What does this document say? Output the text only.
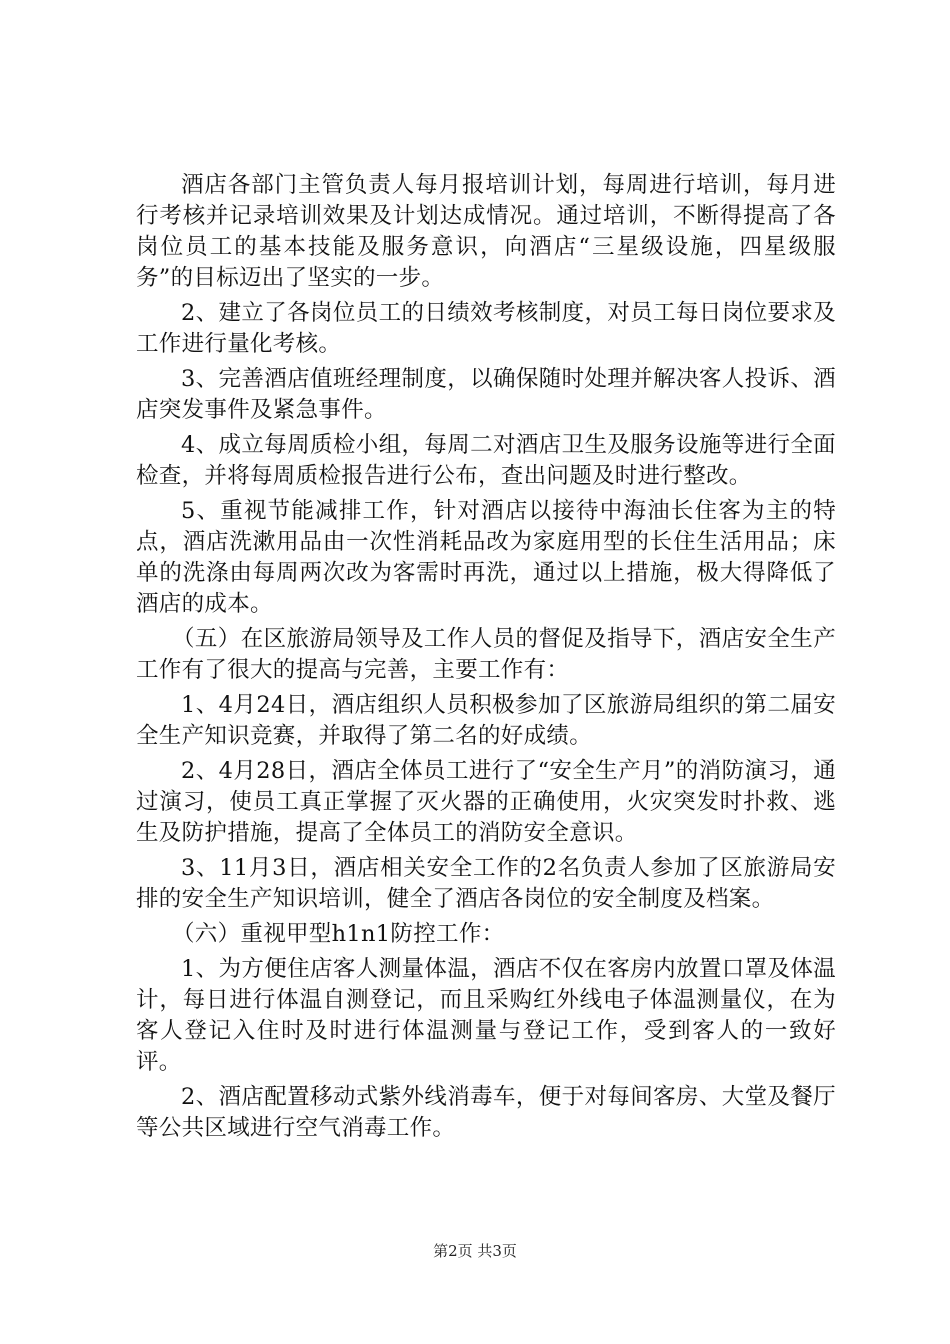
酒店各部门主管负责人每月报培训计划，每周进行培训，每月进行考核并记录培训效果及计划达成情况。通过培训，不断得提高了各岗位员工的基本技能及服务意识，向酒店“三星级设施，四星级服务”的目标迈出了坚实的一步。

2、建立了各岗位员工的日绩效考核制度，对员工每日岗位要求及工作进行量化考核。

3、完善酒店值班经理制度，以确保随时处理并解决客人投诉、酒店突发事件及紧急事件。

4、成立每周质检小组，每周二对酒店卫生及服务设施等进行全面检查，并将每周质检报告进行公布，查出问题及时进行整改。

5、重视节能减排工作，针对酒店以接待中海油长住客为主的特点，酒店洗漱用品由一次性消耗品改为家庭用型的长住生活用品；床单的洗涤由每周两次改为客需时再洗，通过以上措施，极大得降低了酒店的成本。

（五）在区旅游局领导及工作人员的督促及指导下，酒店安全生产工作有了很大的提高与完善，主要工作有：

1、4月24日，酒店组织人员积极参加了区旅游局组织的第二届安全生产知识竞赛，并取得了第二名的好成绩。

2、4月28日，酒店全体员工进行了“安全生产月”的消防演习，通过演习，使员工真正掌握了灭火器的正确使用，火灾突发时扑救、逃生及防护措施，提高了全体员工的消防安全意识。

3、11月3日，酒店相关安全工作的2名负责人参加了区旅游局安排的安全生产知识培训，健全了酒店各岗位的安全制度及档案。

（六）重视甲型h1n1防控工作：

1、为方便住店客人测量体温，酒店不仅在客房内放置口罩及体温计，每日进行体温自测登记，而且采购红外线电子体温测量仪，在为客人登记入住时及时进行体温测量与登记工作，受到客人的一致好评。

2、酒店配置移动式紫外线消毒车，便于对每间客房、大堂及餐厅等公共区域进行空气消毒工作。

第2页 共3页
